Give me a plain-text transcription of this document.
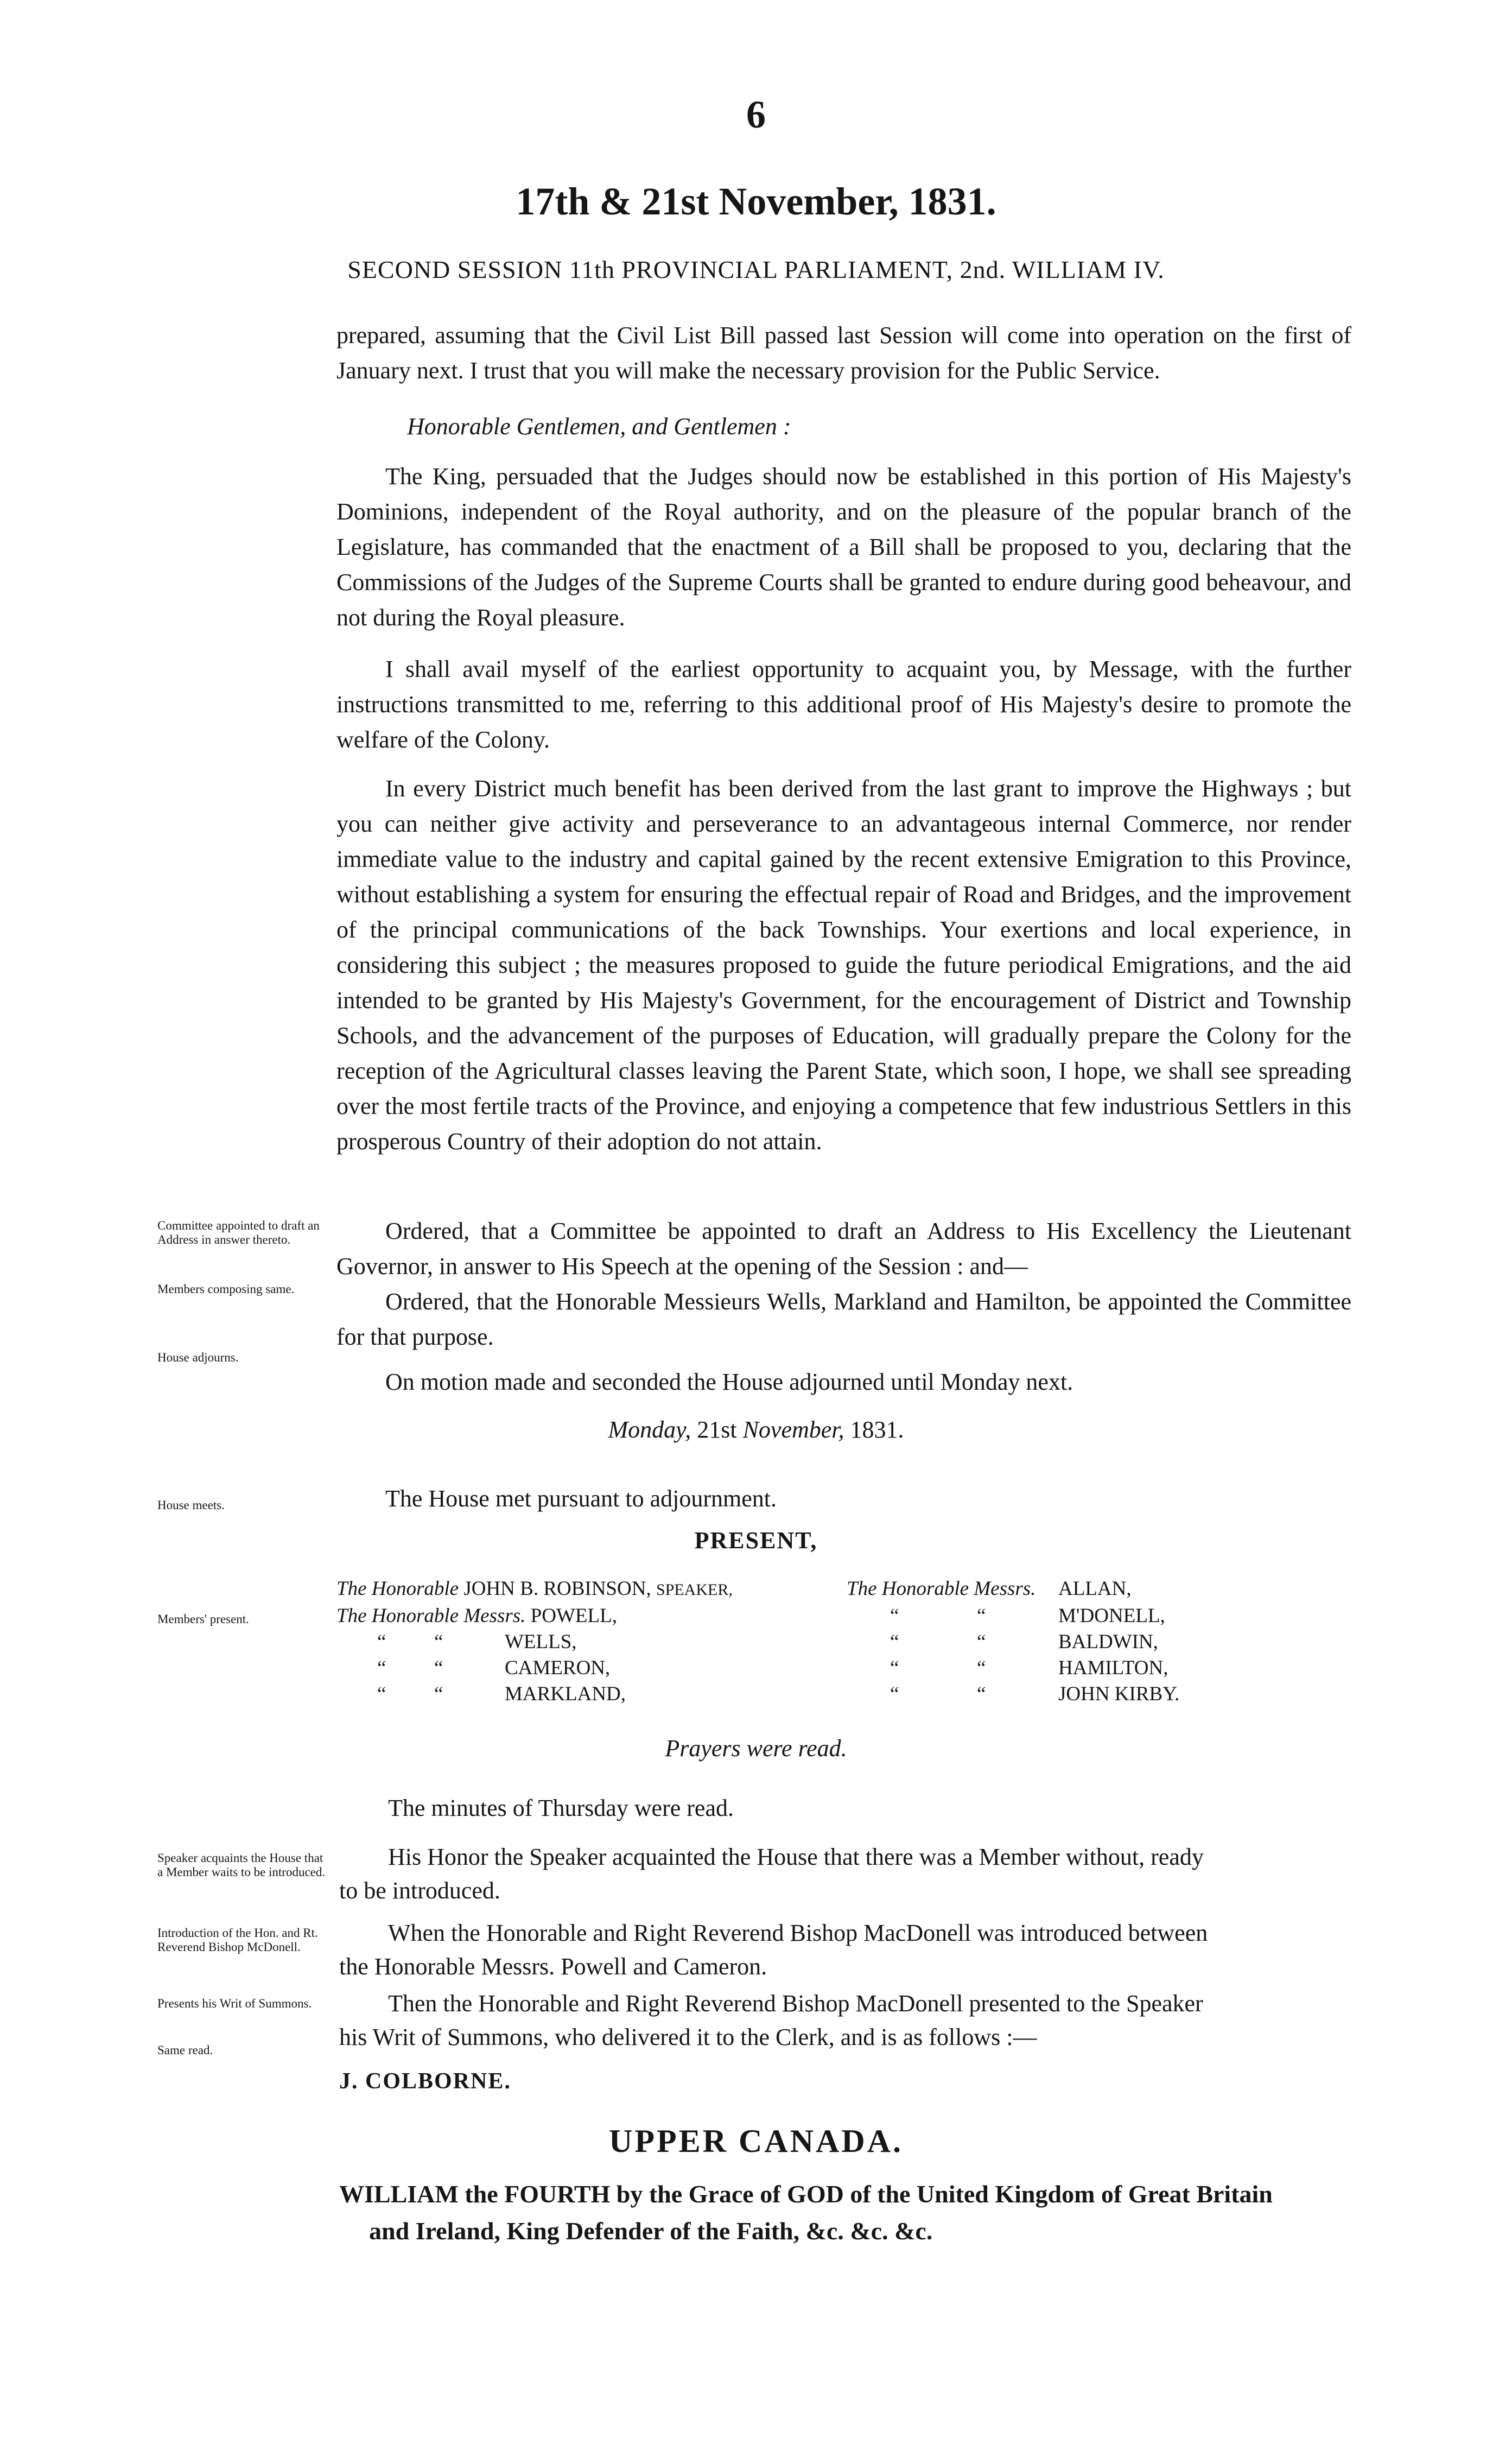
6
17th & 21st November, 1831.
SECOND SESSION 11th PROVINCIAL PARLIAMENT, 2nd. WILLIAM IV.
prepared, assuming that the Civil List Bill passed last Session will come into operation on the first of January next. I trust that you will make the necessary provision for the Public Service.
Honorable Gentlemen, and Gentlemen :
The King, persuaded that the Judges should now be established in this portion of His Majesty's Dominions, independent of the Royal authority, and on the pleasure of the popular branch of the Legislature, has commanded that the enactment of a Bill shall be proposed to you, declaring that the Commissions of the Judges of the Supreme Courts shall be granted to endure during good beheavour, and not during the Royal pleasure.
I shall avail myself of the earliest opportunity to acquaint you, by Message, with the further instructions transmitted to me, referring to this additional proof of His Majesty's desire to promote the welfare of the Colony.
In every District much benefit has been derived from the last grant to improve the Highways ; but you can neither give activity and perseverance to an advantageous internal Commerce, nor render immediate value to the industry and capital gained by the recent extensive Emigration to this Province, without establishing a system for ensuring the effectual repair of Road and Bridges, and the improvement of the principal communications of the back Townships. Your exertions and local experience, in considering this subject ; the measures proposed to guide the future periodical Emigrations, and the aid intended to be granted by His Majesty's Government, for the encouragement of District and Township Schools, and the advancement of the purposes of Education, will gradually prepare the Colony for the reception of the Agricultural classes leaving the Parent State, which soon, I hope, we shall see spreading over the most fertile tracts of the Province, and enjoying a competence that few industrious Settlers in this prosperous Country of their adoption do not attain.
Committee appointed to draft an Address in answer thereto.
Members composing same.
House adjourns.
House meets.
Members' present.
Speaker acquaints the House that a Member waits to be introduced.
Introduction of the Hon. and Rt. Reverend Bishop McDonell.
Presents his Writ of Summons.
Same read.
Ordered, that a Committee be appointed to draft an Address to His Excellency the Lieutenant Governor, in answer to His Speech at the opening of the Session : and—
Ordered, that the Honorable Messieurs Wells, Markland and Hamilton, be appointed the Committee for that purpose.
On motion made and seconded the House adjourned until Monday next.
Monday, 21st November, 1831.
The House met pursuant to adjournment.
PRESENT,
The Honorable JOHN B. ROBINSON, SPEAKER,
The Honorable Messrs. POWELL,
“ “	WELLS,
“ “	CAMERON,
“ “	MARKLAND,
The Honorable Messrs. ALLAN,
“	“	M'DONELL,
“	“	BALDWIN,
“	“	HAMILTON,
“	“	JOHN KIRBY.
Prayers were read.
The minutes of Thursday were read.
His Honor the Speaker acquainted the House that there was a Member without, ready
to be introduced.
When the Honorable and Right Reverend Bishop MacDonell was introduced between
the Honorable Messrs. Powell and Cameron.
Then the Honorable and Right Reverend Bishop MacDonell presented to the Speaker
his Writ of Summons, who delivered it to the Clerk, and is as follows :—
J. COLBORNE.
UPPER CANADA.
WILLIAM the FOURTH by the Grace of GOD of the United Kingdom of Great Britain
and Ireland, King Defender of the Faith, &c. &c. &c.
